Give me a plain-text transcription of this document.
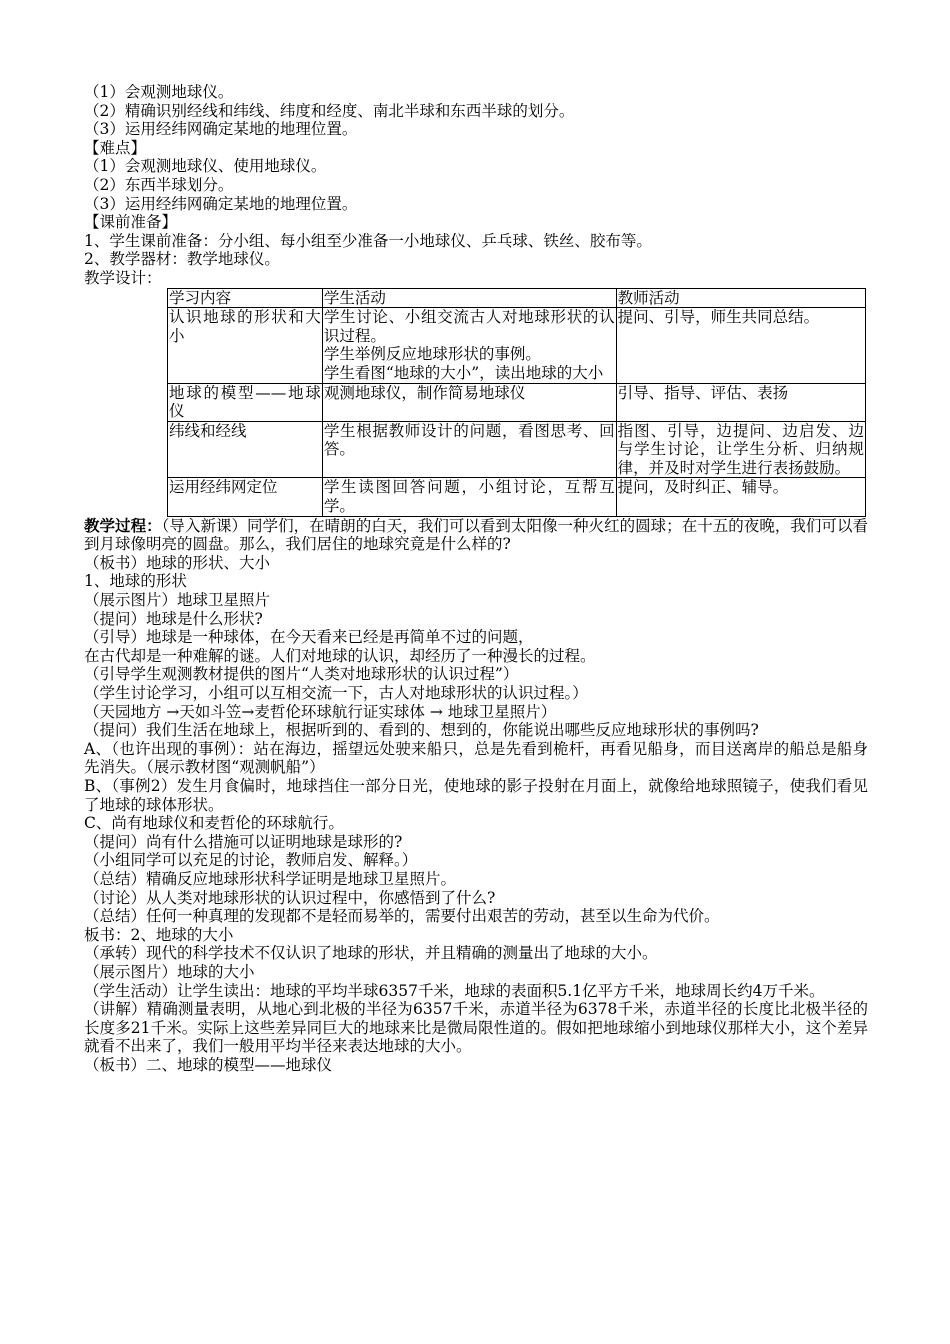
（1）会观测地球仪。

（2）精确识别经线和纬线、纬度和经度、南北半球和东西半球的划分。

（3）运用经纬网确定某地的地理位置。

【难点】

（1）会观测地球仪、使用地球仪。

（2）东西半球划分。

（3）运用经纬网确定某地的地理位置。

【课前准备】

1、学生课前准备：分小组、每小组至少准备一小地球仪、乒乓球、铁丝、胶布等。

2、教学器材：教学地球仪。

教学设计：

学习内容	学生活动	教师活动
认识地球的形状和大小	学生讨论、小组交流古人对地球形状的认识过程。
学生举例反应地球形状的事例。
学生看图“地球的大小”，读出地球的大小	提问、引导，师生共同总结。
地球的模型——地球仪	观测地球仪，制作简易地球仪	引导、指导、评估、表扬
纬线和经线	学生根据教师设计的问题，看图思考、回答。	指图、引导，边提问、边启发、边与学生讨论，让学生分析、归纳规律，并及时对学生进行表扬鼓励。
运用经纬网定位	学生读图回答问题，小组讨论，互帮互学。	提问，及时纠正、辅导。

教学过程：（导入新课）同学们，在晴朗的白天，我们可以看到太阳像一种火红的圆球；在十五的夜晚，我们可以看到月球像明亮的圆盘。那么，我们居住的地球究竟是什么样的?

（板书）地球的形状、大小

1、地球的形状

（展示图片）地球卫星照片

（提问）地球是什么形状?

（引导）地球是一种球体，在今天看来已经是再简单不过的问题，

在古代却是一种难解的谜。人们对地球的认识，却经历了一种漫长的过程。

（引导学生观测教材提供的图片“人类对地球形状的认识过程”）

（学生讨论学习，小组可以互相交流一下，古人对地球形状的认识过程。）

（天园地方 →天如斗笠→麦哲伦环球航行证实球体 → 地球卫星照片）

（提问）我们生活在地球上，根据听到的、看到的、想到的，你能说出哪些反应地球形状的事例吗?

A、（也许出现的事例）：站在海边，摇望远处驶来船只，总是先看到桅杆，再看见船身，而目送离岸的船总是船身先消失。（展示教材图“观测帆船”）

B、（事例2）发生月食偏时，地球挡住一部分日光，使地球的影子投射在月面上，就像给地球照镜子，使我们看见了地球的球体形状。

C、尚有地球仪和麦哲伦的环球航行。

（提问）尚有什么措施可以证明地球是球形的?

（小组同学可以充足的讨论，教师启发、解释。）

（总结）精确反应地球形状科学证明是地球卫星照片。

（讨论）从人类对地球形状的认识过程中，你感悟到了什么?

（总结）任何一种真理的发现都不是轻而易举的，需要付出艰苦的劳动，甚至以生命为代价。

板书：2、地球的大小

（承转）现代的科学技术不仅认识了地球的形状，并且精确的测量出了地球的大小。

（展示图片）地球的大小

（学生活动）让学生读出：地球的平均半球6357千米，地球的表面积5.1亿平方千米，地球周长约4万千米。

（讲解）精确测量表明，从地心到北极的半径为6357千米，赤道半径为6378千米，赤道半径的长度比北极半径的长度多21千米。实际上这些差异同巨大的地球来比是微局限性道的。假如把地球缩小到地球仪那样大小，这个差异就看不出来了，我们一般用平均半径来表达地球的大小。

（板书）二、地球的模型——地球仪
